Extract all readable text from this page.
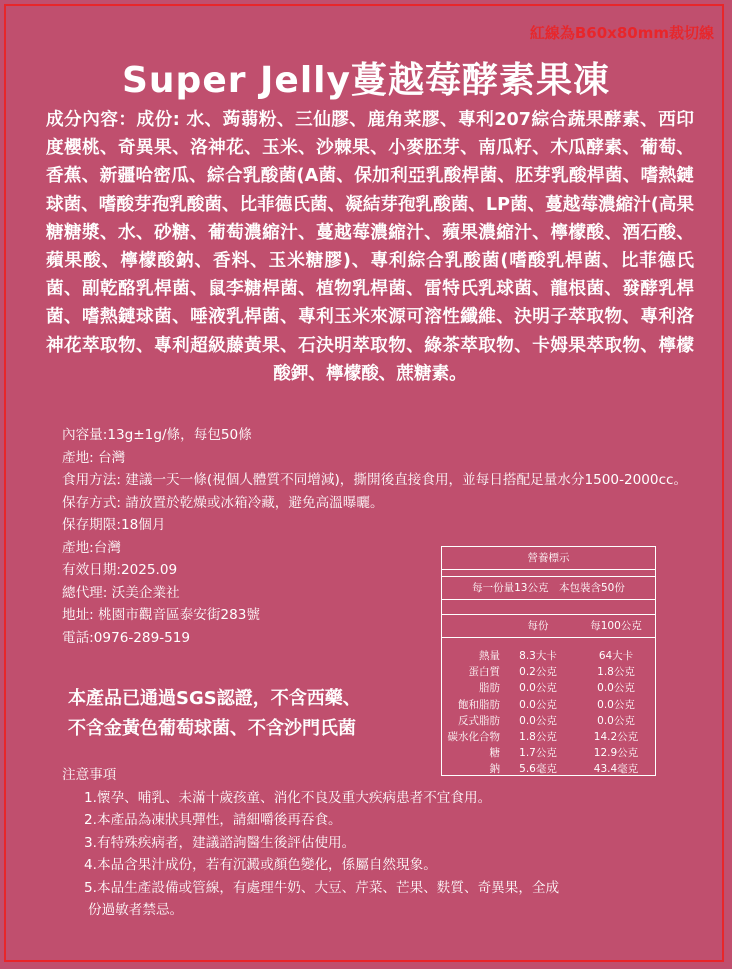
紅線為B60x80mm裁切線
Super Jelly蔓越莓酵素果凍
成分內容：成份: 水、蒟蒻粉、三仙膠、鹿角菜膠、專利207綜合蔬果酵素、西印度櫻桃、奇異果、洛神花、玉米、沙棘果、小麥胚芽、南瓜籽、木瓜酵素、葡萄、香蕉、新疆哈密瓜、綜合乳酸菌(A菌、保加利亞乳酸桿菌、胚芽乳酸桿菌、嗜熱鏈球菌、嗜酸芽孢乳酸菌、比菲德氏菌、凝結芽孢乳酸菌、LP菌、蔓越莓濃縮汁(高果糖糖漿、水、砂糖、葡萄濃縮汁、蔓越莓濃縮汁、蘋果濃縮汁、檸檬酸、酒石酸、蘋果酸、檸檬酸鈉、香料、玉米糖膠)、專利綜合乳酸菌(嗜酸乳桿菌、比菲德氏菌、副乾酪乳桿菌、鼠李糖桿菌、植物乳桿菌、雷特氏乳球菌、龍根菌、發酵乳桿菌、嗜熱鏈球菌、唾液乳桿菌、專利玉米來源可溶性纖維、決明子萃取物、專利洛神花萃取物、專利超級藤黃果、石決明萃取物、綠茶萃取物、卡姆果萃取物、檸檬酸鉀、檸檬酸、蔗糖素。
內容量:13g±1g/條，每包50條
產地: 台灣
食用方法: 建議一天一條(視個人體質不同增減)，撕開後直接食用，並每日搭配足量水分1500-2000cc。
保存方式: 請放置於乾燥或冰箱冷藏，避免高溫曝曬。
保存期限:18個月
產地:台灣
有效日期:2025.09
總代理: 沃美企業社
地址: 桃園市觀音區泰安街283號
電話:0976-289-519
本產品已通過SGS認證，不含西藥、
不含金黃色葡萄球菌、不含沙門氏菌
營養標示
每一份量13公克　本包裝含50份
每份	每100公克
熱量	8.3大卡	64大卡
蛋白質	0.2公克	1.8公克
脂肪	0.0公克	0.0公克
飽和脂肪	0.0公克	0.0公克
反式脂肪	0.0公克	0.0公克
碳水化合物	1.8公克	14.2公克
糖	1.7公克	12.9公克
鈉	5.6毫克	43.4毫克
注意事項
1.懷孕、哺乳、未滿十歲孩童、消化不良及重大疾病患者不宜食用。
2.本產品為凍狀具彈性，請細嚼後再吞食。
3.有特殊疾病者，建議諮詢醫生後評估使用。
4.本品含果汁成份，若有沉澱或顏色變化，係屬自然現象。
5.本品生產設備或管線，有處理牛奶、大豆、芹菜、芒果、麩質、奇異果，全成
份過敏者禁忌。
